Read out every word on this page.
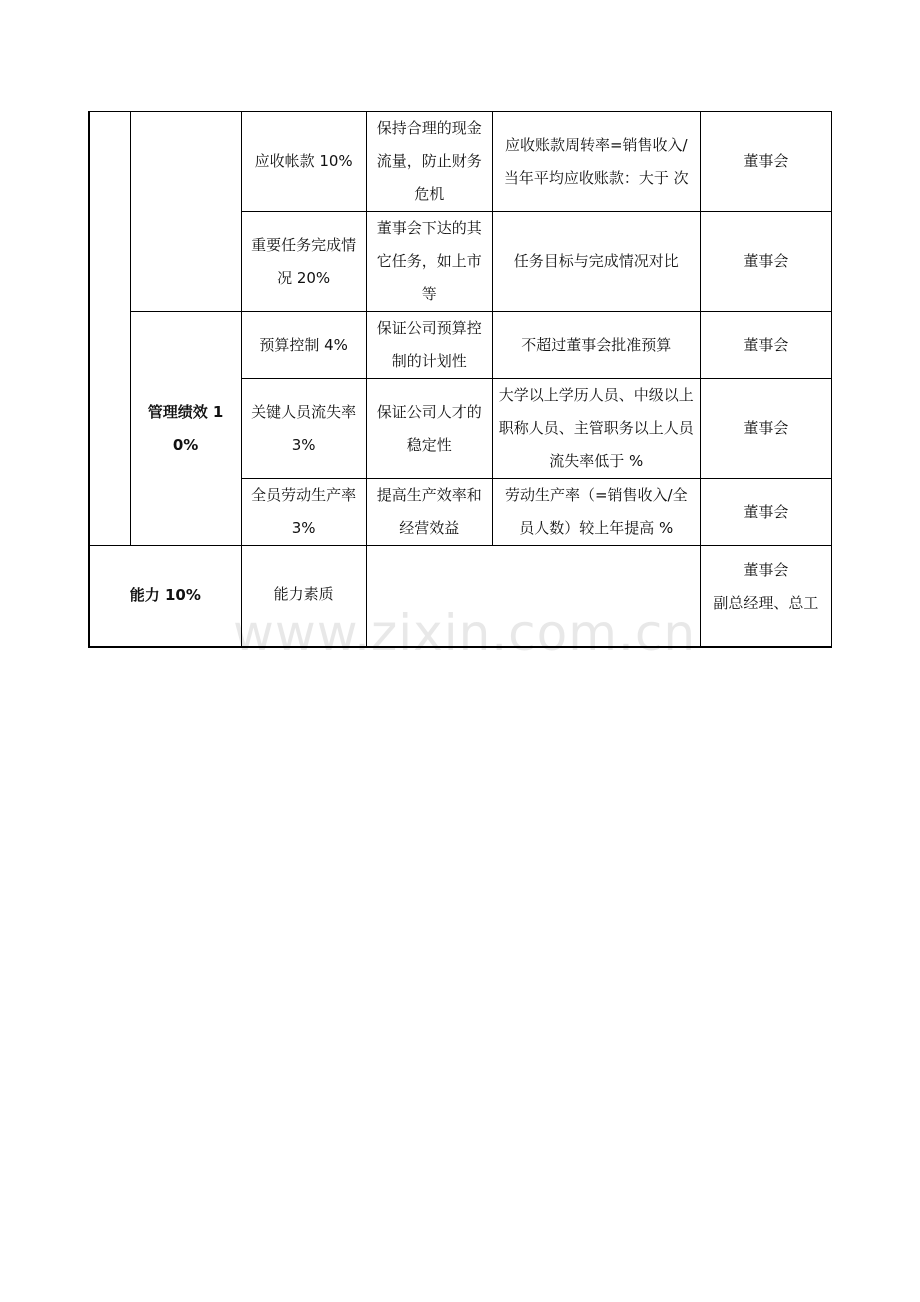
		应收帐款 10%	保持合理的现金流量，防止财务危机	应收账款周转率=销售收入/当年平均应收账款：大于 次	董事会
		重要任务完成情况 20%	董事会下达的其它任务，如上市等	任务目标与完成情况对比	董事会
	管理绩效 10%	预算控制 4%	保证公司预算控制的计划性	不超过董事会批准预算	董事会
		关键人员流失率 3%	保证公司人才的稳定性	大学以上学历人员、中级以上职称人员、主管职务以上人员流失率低于 %	董事会
		全员劳动生产率 3%	提高生产效率和经营效益	劳动生产率（=销售收入/全员人数）较上年提高 %	董事会
能力 10%		能力素质			董事会
副总经理、总工
www.zixin.com.cn
